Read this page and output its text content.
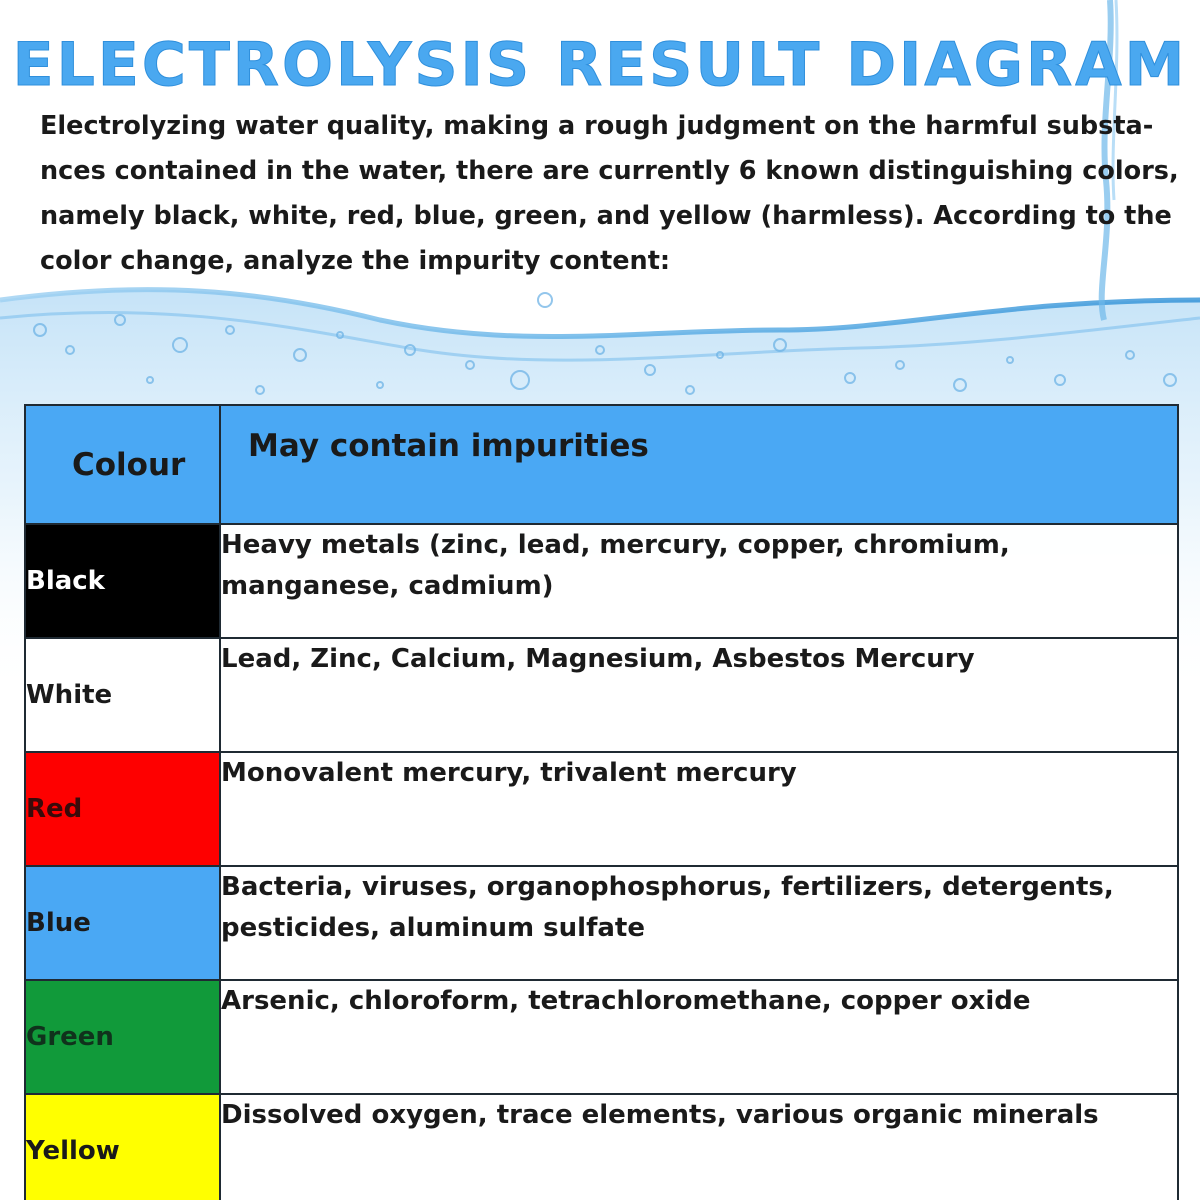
ELECTROLYSIS RESULT DIAGRAM
Electrolyzing water quality, making a rough judgment on the harmful substa-
nces contained in the water, there are currently 6 known distinguishing colors,
namely black, white, red, blue, green, and yellow (harmless). According to the
color change, analyze the impurity content:
Colour	May contain impurities
Black	Heavy metals (zinc, lead, mercury, copper, chromium,
manganese, cadmium)

White	Lead, Zinc, Calcium, Magnesium, Asbestos Mercury

Red	Monovalent mercury, trivalent mercury

Blue	Bacteria, viruses, organophosphorus, fertilizers, detergents,
pesticides, aluminum sulfate

Green	Arsenic, chloroform, tetrachloromethane, copper oxide

Yellow	Dissolved oxygen, trace elements, various organic minerals
